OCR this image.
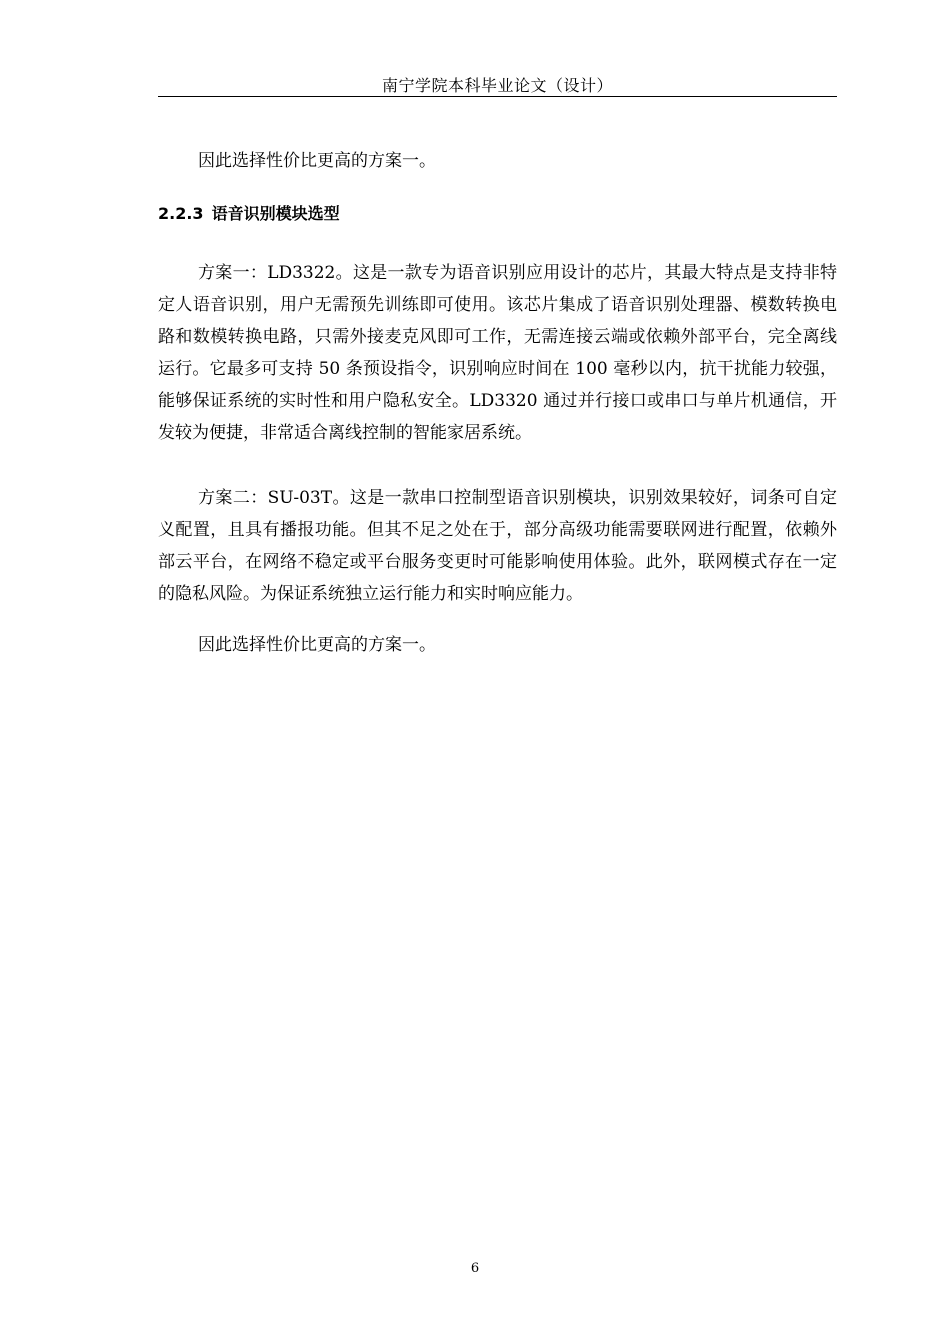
南宁学院本科毕业论文（设计）

因此选择性价比更高的方案一。

2.2.3 语音识别模块选型

方案一：LD3322。这是一款专为语音识别应用设计的芯片，其最大特点是支持非特定人语音识别，用户无需预先训练即可使用。该芯片集成了语音识别处理器、模数转换电路和数模转换电路，只需外接麦克风即可工作，无需连接云端或依赖外部平台，完全离线运行。它最多可支持 50 条预设指令，识别响应时间在 100 毫秒以内，抗干扰能力较强，能够保证系统的实时性和用户隐私安全。LD3320 通过并行接口或串口与单片机通信，开发较为便捷，非常适合离线控制的智能家居系统。

方案二：SU-03T。这是一款串口控制型语音识别模块，识别效果较好，词条可自定义配置，且具有播报功能。但其不足之处在于，部分高级功能需要联网进行配置，依赖外部云平台，在网络不稳定或平台服务变更时可能影响使用体验。此外，联网模式存在一定的隐私风险。为保证系统独立运行能力和实时响应能力。

因此选择性价比更高的方案一。

6
